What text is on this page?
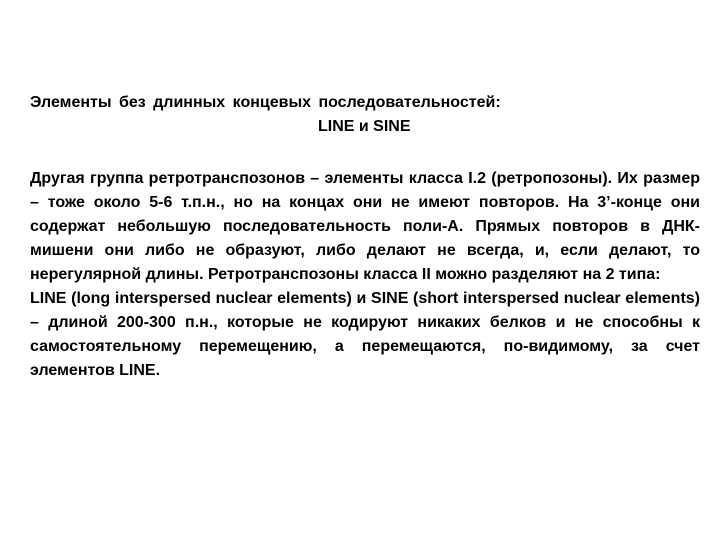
Элементы без длинных концевых последовательностей:
LINE и SINE

Другая группа ретротранспозонов – элементы класса I.2 (ретропозоны). Их размер – тоже около 5-6 т.п.н., но на концах они не имеют повторов. На 3’-конце они содержат небольшую последовательность поли-А. Прямых повторов в ДНК-мишени они либо не образуют, либо делают не всегда, и, если делают, то нерегулярной длины. Ретротранспозоны класса II можно разделяют на 2 типа:

LINE (long interspersed nuclear elements) и SINE (short interspersed nuclear elements) – длиной 200-300 п.н., которые не кодируют никаких белков и не способны к самостоятельному перемещению, а перемещаются, по-видимому, за счет элементов LINE.
